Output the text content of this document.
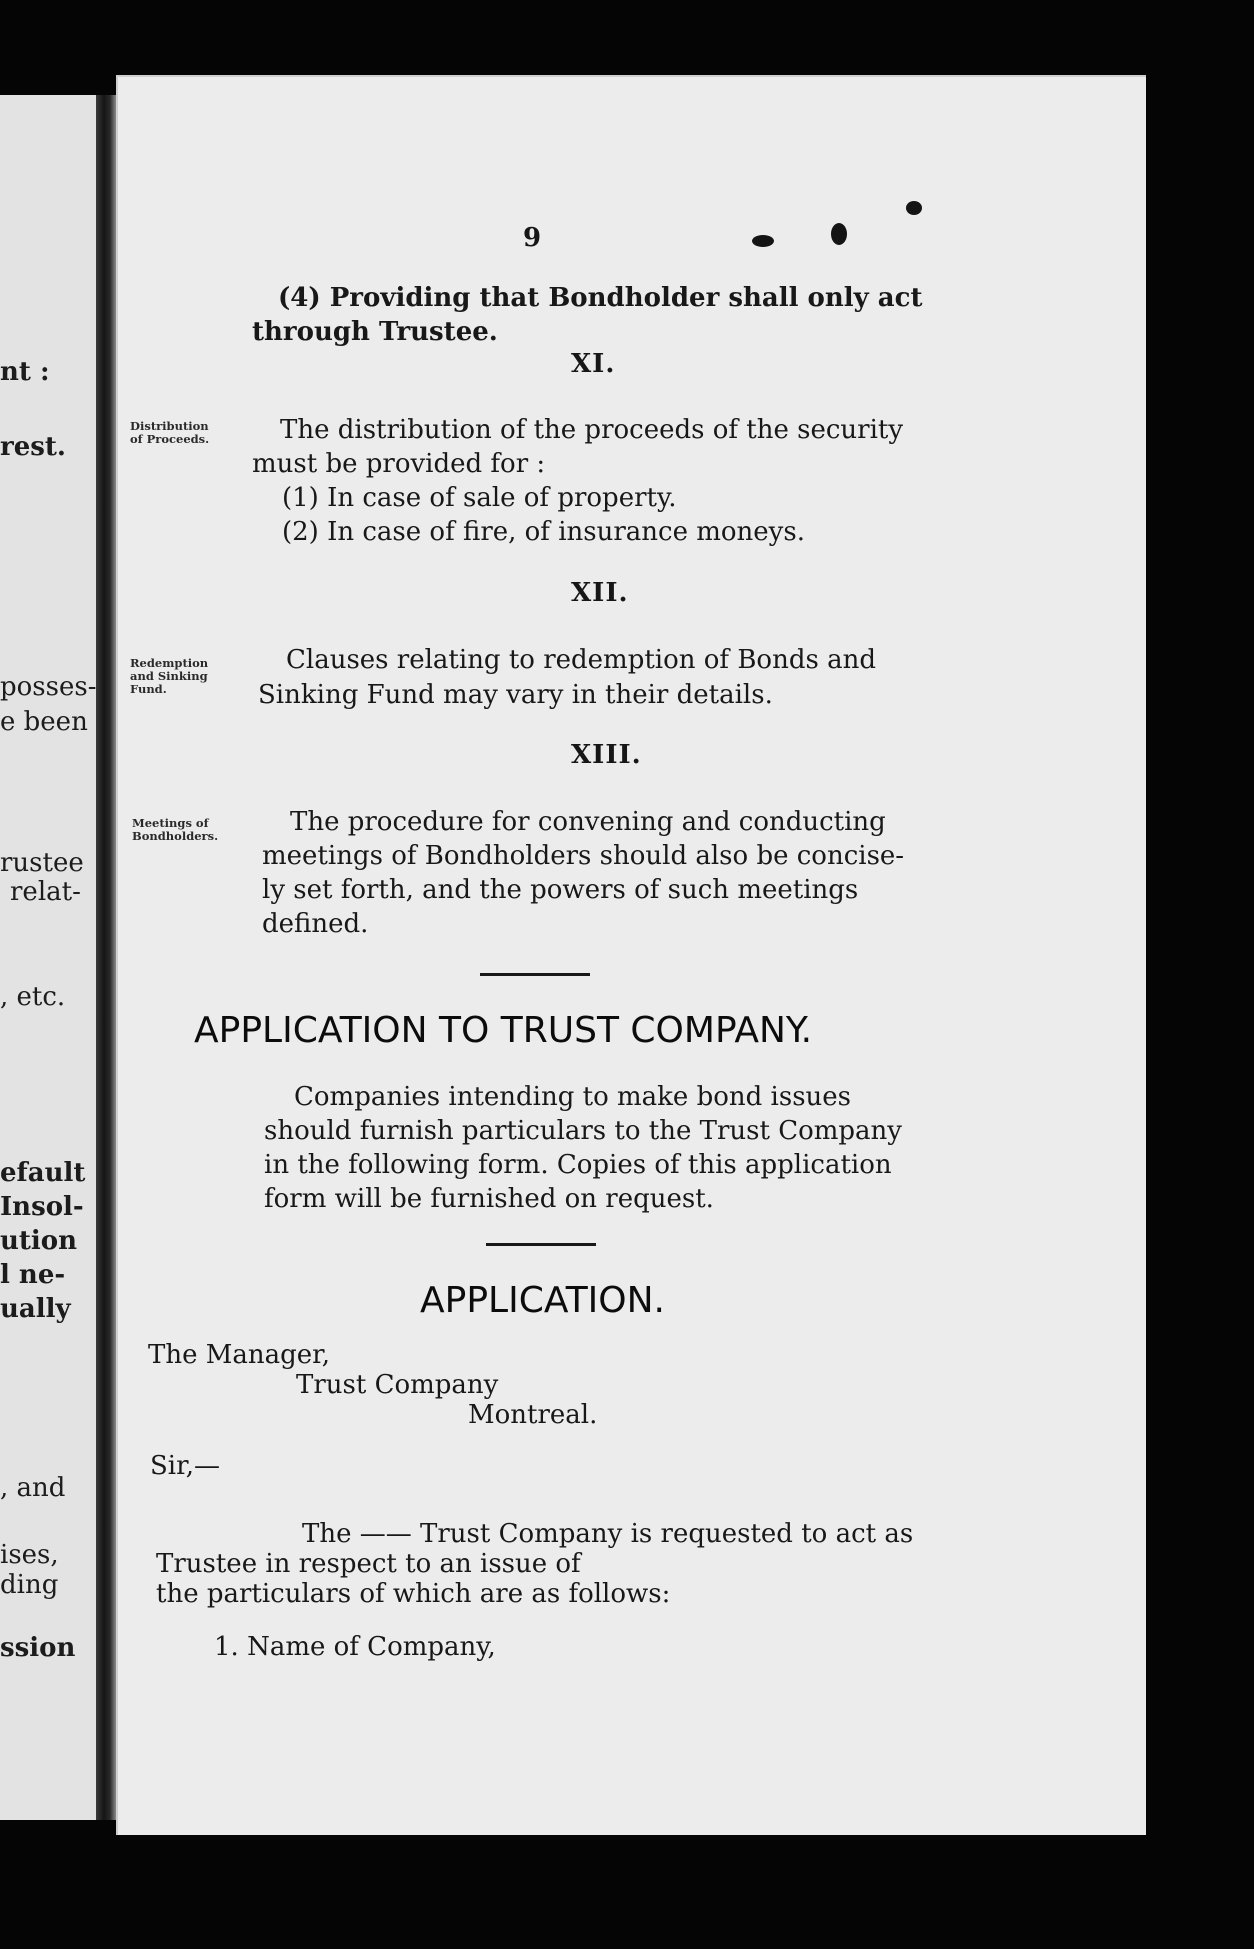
nt :
rest.
posses-
e been
rustee
relat-
, etc.
efault
Insol-
ution
l ne-
ually
, and
ises,
ding
ssion
9
(4) Providing that Bondholder shall only act
through Trustee.
XI.
Distribution
of Proceeds.	The distribution of the proceeds of the security
must be provided for :
(1) In case of sale of property.
(2) In case of fire, of insurance moneys.
XII.
Redemption
and Sinking
Fund.
Clauses relating to redemption of Bonds and
Sinking Fund may vary in their details.
XIII.
Meetings of
Bondholders.	The procedure for convening and conducting
meetings of Bondholders should also be concise-
ly set forth, and the powers of such meetings
defined.
APPLICATION TO TRUST COMPANY.
Companies intending to make bond issues
should furnish particulars to the Trust Company
in the following form. Copies of this application
form will be furnished on request.
APPLICATION.
The Manager,
Trust Company
Montreal.
Sir,—
The —— Trust Company is requested to act as
Trustee in respect to an issue of
the particulars of which are as follows:
1. Name of Company,
